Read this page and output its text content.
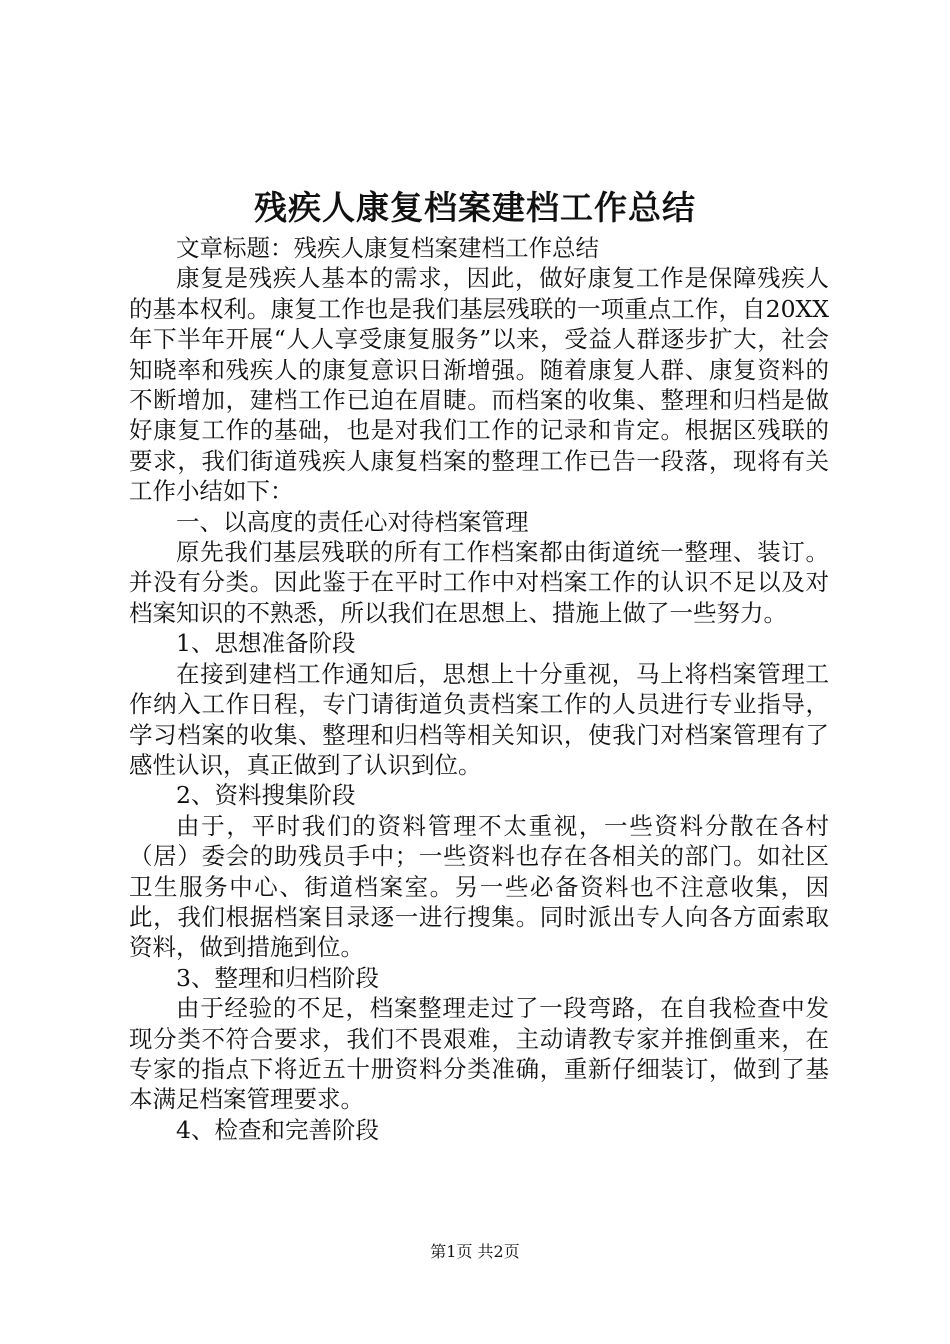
残疾人康复档案建档工作总结

文章标题：残疾人康复档案建档工作总结

康复是残疾人基本的需求，因此，做好康复工作是保障残疾人的基本权利。康复工作也是我们基层残联的一项重点工作，自20XX年下半年开展“人人享受康复服务”以来，受益人群逐步扩大，社会知晓率和残疾人的康复意识日渐增强。随着康复人群、康复资料的不断增加，建档工作已迫在眉睫。而档案的收集、整理和归档是做好康复工作的基础，也是对我们工作的记录和肯定。根据区残联的要求，我们街道残疾人康复档案的整理工作已告一段落，现将有关工作小结如下：

一、以高度的责任心对待档案管理

原先我们基层残联的所有工作档案都由街道统一整理、装订。并没有分类。因此鉴于在平时工作中对档案工作的认识不足以及对档案知识的不熟悉，所以我们在思想上、措施上做了一些努力。

1、思想准备阶段

在接到建档工作通知后，思想上十分重视，马上将档案管理工作纳入工作日程，专门请街道负责档案工作的人员进行专业指导，学习档案的收集、整理和归档等相关知识，使我门对档案管理有了感性认识，真正做到了认识到位。

2、资料搜集阶段

由于，平时我们的资料管理不太重视，一些资料分散在各村（居）委会的助残员手中；一些资料也存在各相关的部门。如社区卫生服务中心、街道档案室。另一些必备资料也不注意收集，因此，我们根据档案目录逐一进行搜集。同时派出专人向各方面索取资料，做到措施到位。

3、整理和归档阶段

由于经验的不足，档案整理走过了一段弯路，在自我检查中发现分类不符合要求，我们不畏艰难，主动请教专家并推倒重来，在专家的指点下将近五十册资料分类准确，重新仔细装订，做到了基本满足档案管理要求。

4、检查和完善阶段

第1页 共2页
